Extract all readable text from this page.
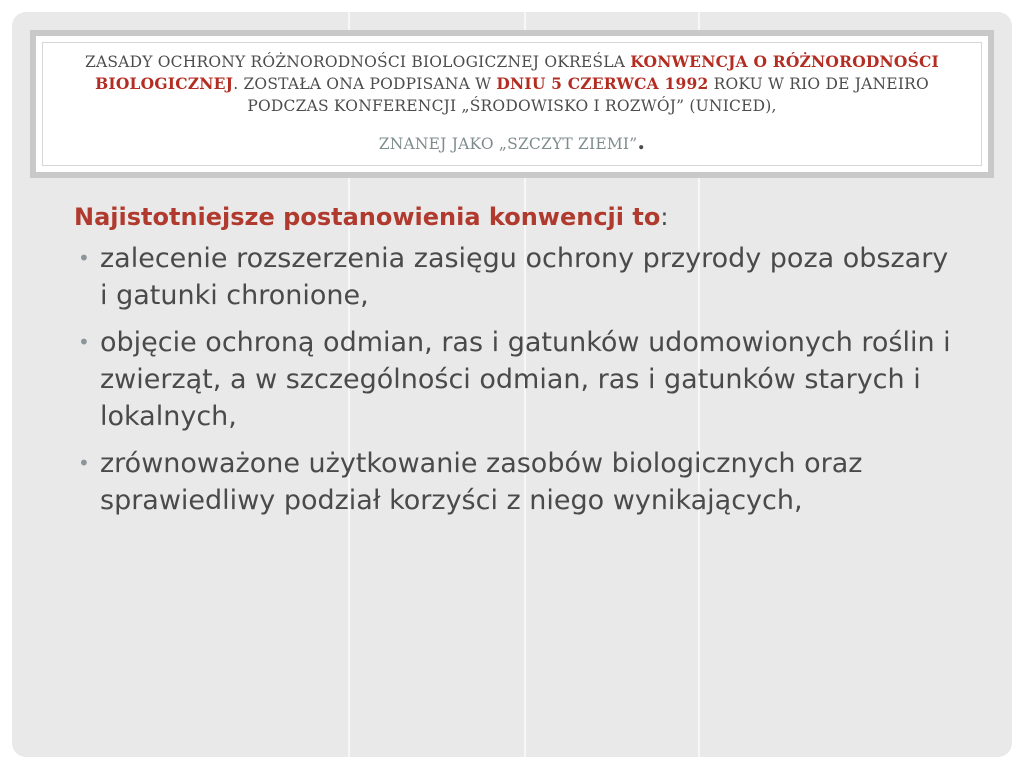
ZASADY OCHRONY RÓŻNORODNOŚCI BIOLOGICZNEJ OKREŚLA KONWENCJA O RÓŻNORODNOŚCI BIOLOGICZNEJ. ZOSTAŁA ONA PODPISANA W DNIU 5 CZERWCA 1992 ROKU W RIO DE JANEIRO PODCZAS KONFERENCJI „ŚRODOWISKO I ROZWÓJ” (UNICED),
ZNANEJ JAKO „SZCZYT ZIEMI”.

Najistotniejsze postanowienia konwencji to:

• zalecenie rozszerzenia zasięgu ochrony przyrody poza obszary i gatunki chronione,
• objęcie ochroną odmian, ras i gatunków udomowionych roślin i zwierząt, a w szczególności odmian, ras i gatunków starych i lokalnych,
• zrównoważone użytkowanie zasobów biologicznych oraz sprawiedliwy podział korzyści z niego wynikających,
